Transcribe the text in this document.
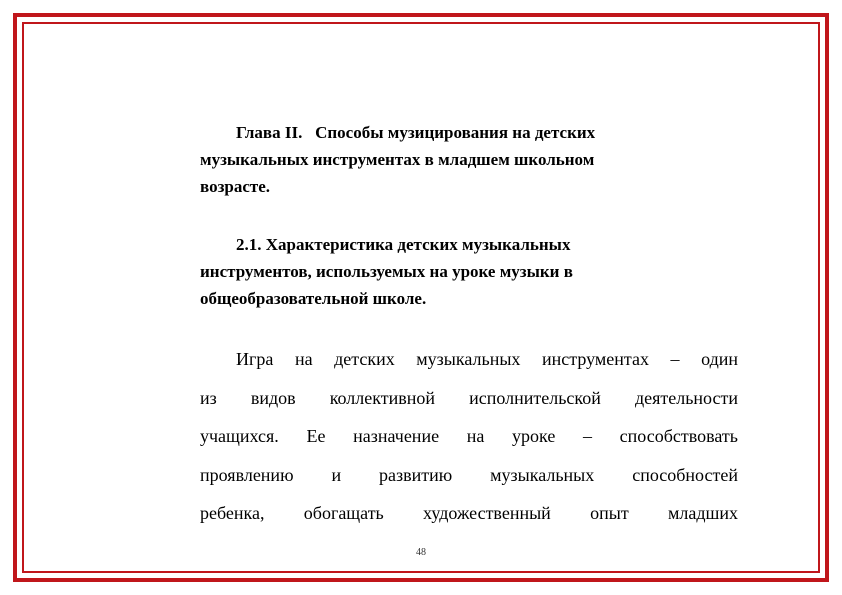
Глава II.   Способы музицирования на детских
музыкальных инструментах в младшем школьном
возрасте.
2.1. Характеристика детских музыкальных
инструментов, используемых на уроке музыки в
общеобразовательной школе.
Игра на детских музыкальных инструментах – один
из видов коллективной исполнительской деятельности
учащихся. Ее назначение на уроке – способствовать
проявлению и развитию музыкальных способностей
ребенка, обогащать художественный опыт младших
48
